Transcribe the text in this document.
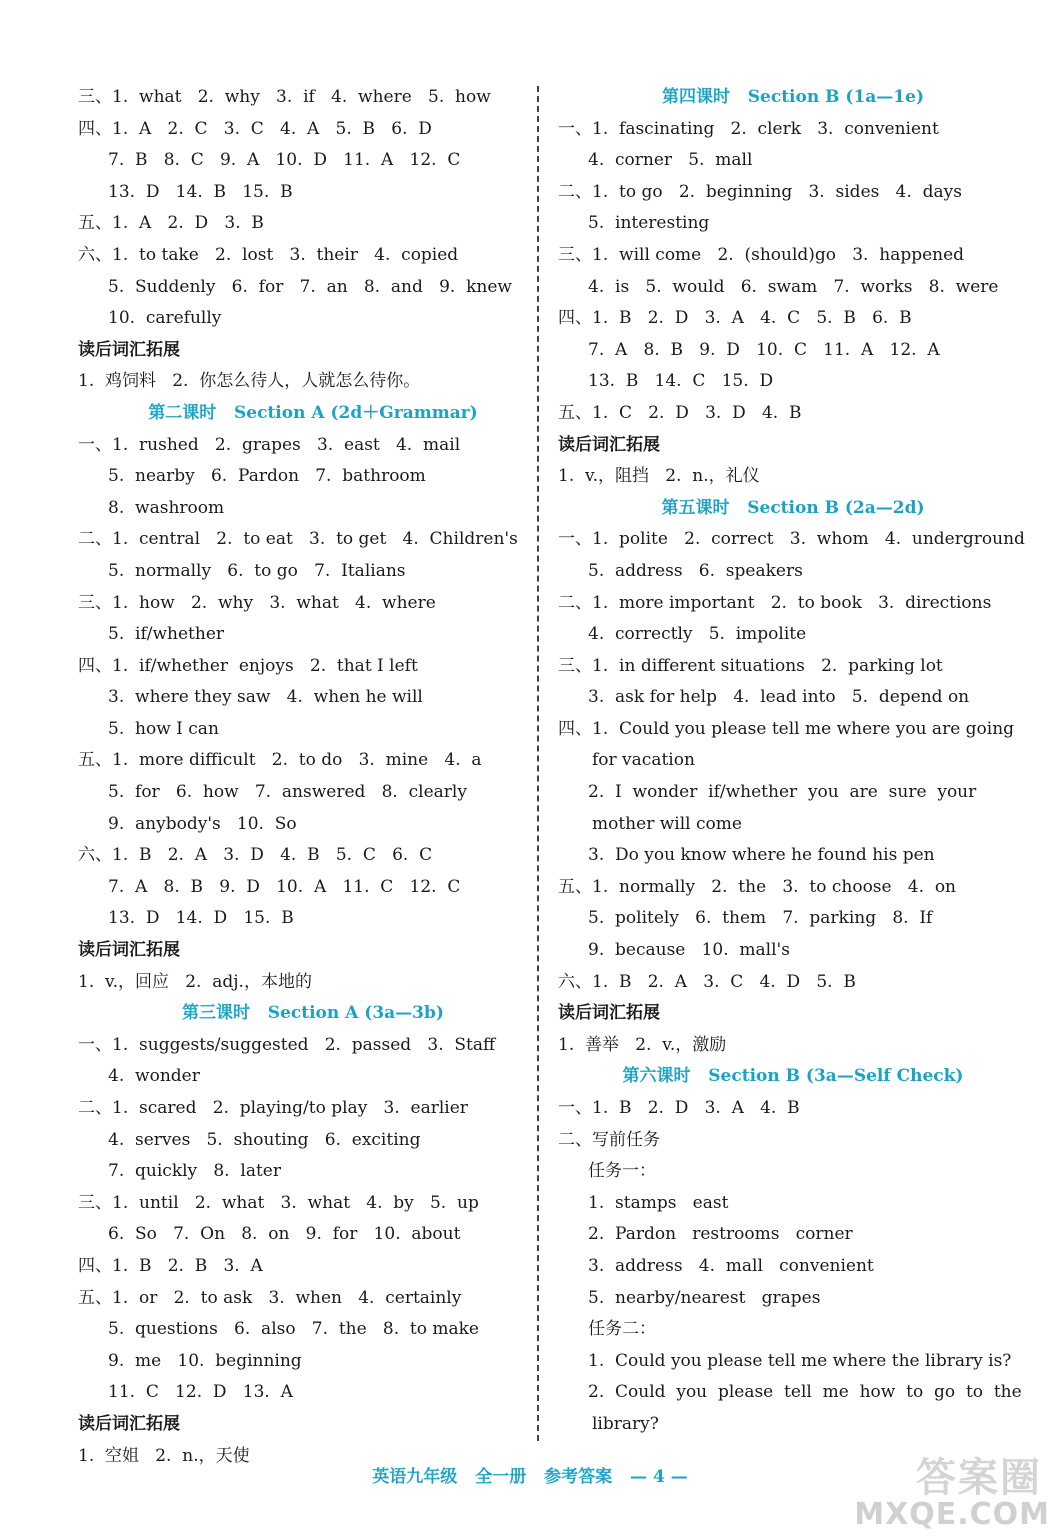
三、1.  what   2.  why   3.  if   4.  where   5.  how
四、1.  A   2.  C   3.  C   4.  A   5.  B   6.  D
7.  B   8.  C   9.  A   10.  D   11.  A   12.  C
13.  D   14.  B   15.  B
五、1.  A   2.  D   3.  B
六、1.  to take   2.  lost   3.  their   4.  copied
5.  Suddenly   6.  for   7.  an   8.  and   9.  knew
10.  carefully
读后词汇拓展
1.  鸡饲料   2.  你怎么待人，人就怎么待你。
第二课时   Section A (2d＋Grammar)
一、1.  rushed   2.  grapes   3.  east   4.  mail
5.  nearby   6.  Pardon   7.  bathroom
8.  washroom
二、1.  central   2.  to eat   3.  to get   4.  Children's
5.  normally   6.  to go   7.  Italians
三、1.  how   2.  why   3.  what   4.  where
5.  if/whether
四、1.  if/whether  enjoys   2.  that I left
3.  where they saw   4.  when he will
5.  how I can
五、1.  more difficult   2.  to do   3.  mine   4.  a
5.  for   6.  how   7.  answered   8.  clearly
9.  anybody's   10.  So
六、1.  B   2.  A   3.  D   4.  B   5.  C   6.  C
7.  A   8.  B   9.  D   10.  A   11.  C   12.  C
13.  D   14.  D   15.  B
读后词汇拓展
1.  v.，回应   2.  adj.，本地的
第三课时   Section A (3a—3b)
一、1.  suggests/suggested   2.  passed   3.  Staff
4.  wonder
二、1.  scared   2.  playing/to play   3.  earlier
4.  serves   5.  shouting   6.  exciting
7.  quickly   8.  later
三、1.  until   2.  what   3.  what   4.  by   5.  up
6.  So   7.  On   8.  on   9.  for   10.  about
四、1.  B   2.  B   3.  A
五、1.  or   2.  to ask   3.  when   4.  certainly
5.  questions   6.  also   7.  the   8.  to make
9.  me   10.  beginning
11.  C   12.  D   13.  A
读后词汇拓展
1.  空姐   2.  n.，天使
第四课时   Section B (1a—1e)
一、1.  fascinating   2.  clerk   3.  convenient
4.  corner   5.  mall
二、1.  to go   2.  beginning   3.  sides   4.  days
5.  interesting
三、1.  will come   2.  (should)go   3.  happened
4.  is   5.  would   6.  swam   7.  works   8.  were
四、1.  B   2.  D   3.  A   4.  C   5.  B   6.  B
7.  A   8.  B   9.  D   10.  C   11.  A   12.  A
13.  B   14.  C   15.  D
五、1.  C   2.  D   3.  D   4.  B
读后词汇拓展
1.  v.，阻挡   2.  n.，礼仪
第五课时   Section B (2a—2d)
一、1.  polite   2.  correct   3.  whom   4.  underground
5.  address   6.  speakers
二、1.  more important   2.  to book   3.  directions
4.  correctly   5.  impolite
三、1.  in different situations   2.  parking lot
3.  ask for help   4.  lead into   5.  depend on
四、1.  Could you please tell me where you are going
for vacation
2.  I  wonder  if/whether  you  are  sure  your
mother will come
3.  Do you know where he found his pen
五、1.  normally   2.  the   3.  to choose   4.  on
5.  politely   6.  them   7.  parking   8.  If
9.  because   10.  mall's
六、1.  B   2.  A   3.  C   4.  D   5.  B
读后词汇拓展
1.  善举   2.  v.，激励
第六课时   Section B (3a—Self Check)
一、1.  B   2.  D   3.  A   4.  B
二、写前任务
任务一：
1.  stamps   east
2.  Pardon   restrooms   corner
3.  address   4.  mall   convenient
5.  nearby/nearest   grapes
任务二：
1.  Could you please tell me where the library is?
2.  Could  you  please  tell  me  how  to  go  to  the
library?
英语九年级 全一册 参考答案 — 4 —	答案圈
MXQE.COM
